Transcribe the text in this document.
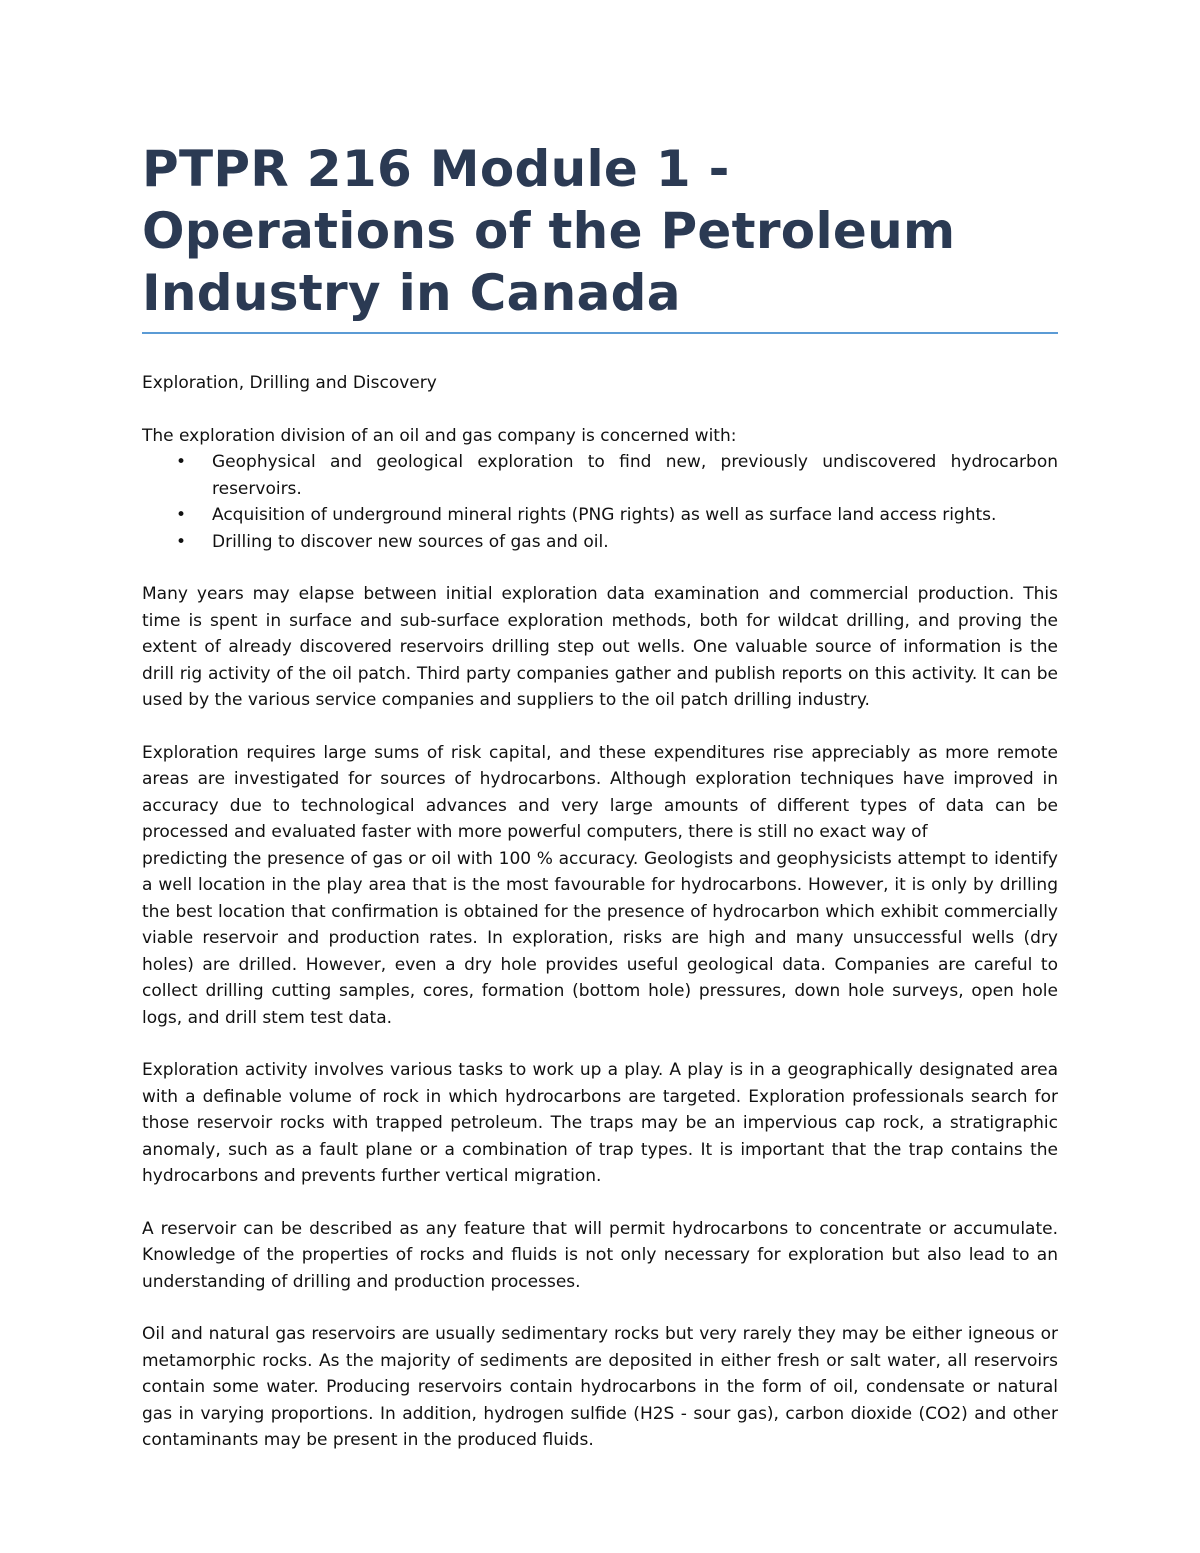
PTPR 216 Module 1 - Operations of the Petroleum Industry in Canada
Exploration, Drilling and Discovery
The exploration division of an oil and gas company is concerned with:
• Geophysical and geological exploration to find new, previously undiscovered hydrocarbon reservoirs.
• Acquisition of underground mineral rights (PNG rights) as well as surface land access rights.
• Drilling to discover new sources of gas and oil.

Many years may elapse between initial exploration data examination and commercial production. This time is spent in surface and sub-surface exploration methods, both for wildcat drilling, and proving the extent of already discovered reservoirs drilling step out wells. One valuable source of information is the drill rig activity of the oil patch. Third party companies gather and publish reports on this activity. It can be used by the various service companies and suppliers to the oil patch drilling industry.

Exploration requires large sums of risk capital, and these expenditures rise appreciably as more remote areas are investigated for sources of hydrocarbons. Although exploration techniques have improved in accuracy due to technological advances and very large amounts of different types of data can be processed and evaluated faster with more powerful computers, there is still no exact way of
predicting the presence of gas or oil with 100 % accuracy. Geologists and geophysicists attempt to identify a well location in the play area that is the most favourable for hydrocarbons. However, it is only by drilling the best location that confirmation is obtained for the presence of hydrocarbon which exhibit commercially viable reservoir and production rates. In exploration, risks are high and many unsuccessful wells (dry holes) are drilled. However, even a dry hole provides useful geological data. Companies are careful to collect drilling cutting samples, cores, formation (bottom hole) pressures, down hole surveys, open hole logs, and drill stem test data.

Exploration activity involves various tasks to work up a play. A play is in a geographically designated area with a definable volume of rock in which hydrocarbons are targeted. Exploration professionals search for those reservoir rocks with trapped petroleum. The traps may be an impervious cap rock, a stratigraphic anomaly, such as a fault plane or a combination of trap types. It is important that the trap contains the hydrocarbons and prevents further vertical migration.

A reservoir can be described as any feature that will permit hydrocarbons to concentrate or accumulate. Knowledge of the properties of rocks and fluids is not only necessary for exploration but also lead to an understanding of drilling and production processes.

Oil and natural gas reservoirs are usually sedimentary rocks but very rarely they may be either igneous or metamorphic rocks. As the majority of sediments are deposited in either fresh or salt water, all reservoirs contain some water. Producing reservoirs contain hydrocarbons in the form of oil, condensate or natural gas in varying proportions. In addition, hydrogen sulfide (H2S - sour gas), carbon dioxide (CO2) and other contaminants may be present in the produced fluids.
